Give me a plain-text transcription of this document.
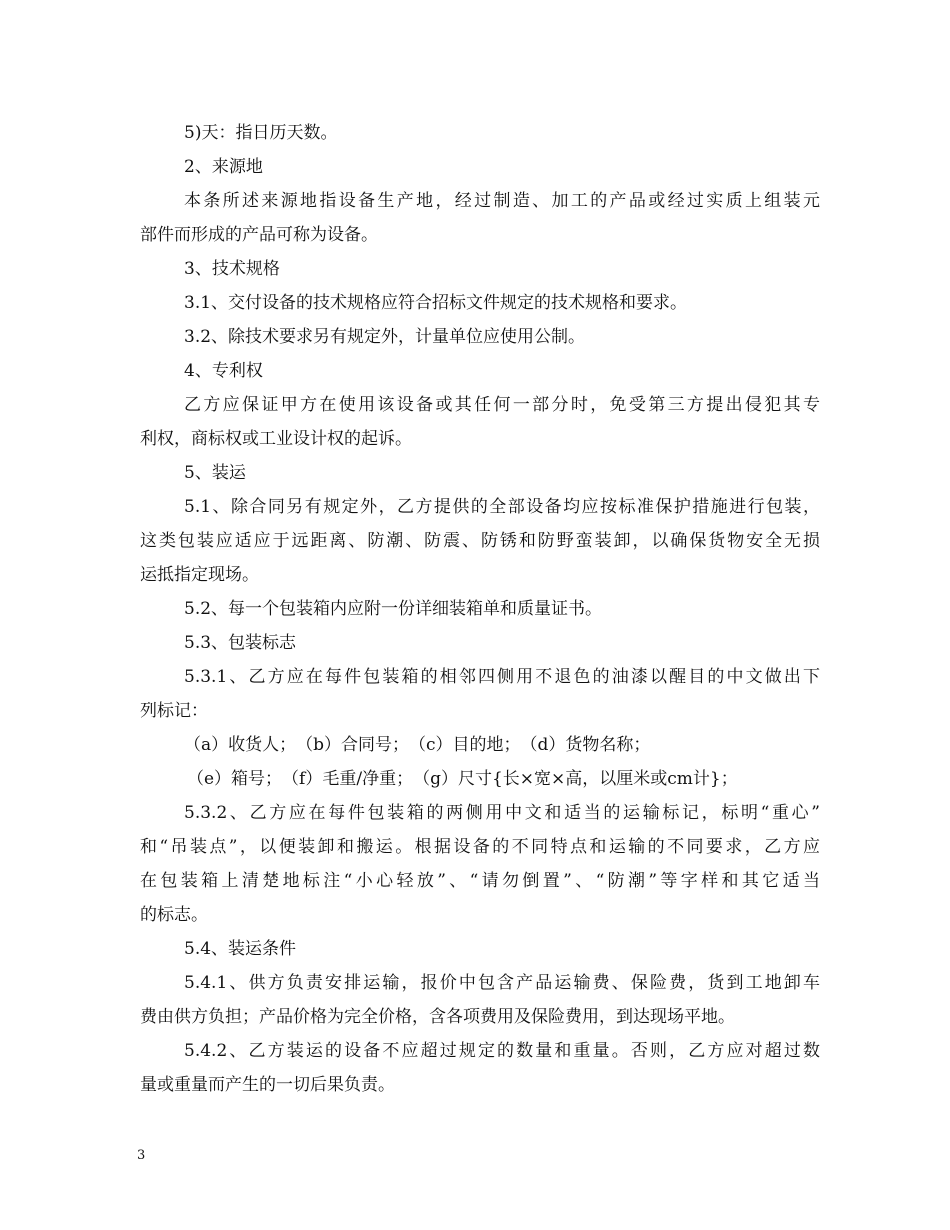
5)天：指日历天数。
2、来源地
本条所述来源地指设备生产地，经过制造、加工的产品或经过实质上组装元
部件而形成的产品可称为设备。
3、技术规格
3.1、交付设备的技术规格应符合招标文件规定的技术规格和要求。
3.2、除技术要求另有规定外，计量单位应使用公制。
4、专利权
乙方应保证甲方在使用该设备或其任何一部分时，免受第三方提出侵犯其专
利权，商标权或工业设计权的起诉。
5、装运
5.1、除合同另有规定外，乙方提供的全部设备均应按标准保护措施进行包装，
这类包装应适应于远距离、防潮、防震、防锈和防野蛮装卸，以确保货物安全无损
运抵指定现场。
5.2、每一个包装箱内应附一份详细装箱单和质量证书。
5.3、包装标志
5.3.1、乙方应在每件包装箱的相邻四侧用不退色的油漆以醒目的中文做出下
列标记：
（a）收货人；　（b）合同号；　（c）目的地；　（d）货物名称；
（e）箱号；　（f）毛重/净重；　（g）尺寸{长×宽×高，以厘米或cm计}；
5.3.2、乙方应在每件包装箱的两侧用中文和适当的运输标记，标明“重心”
和“吊装点”，以便装卸和搬运。根据设备的不同特点和运输的不同要求，乙方应
在包装箱上清楚地标注“小心轻放”、“请勿倒置”、“防潮”等字样和其它适当
的标志。
5.4、装运条件
5.4.1、供方负责安排运输，报价中包含产品运输费、保险费，货到工地卸车
费由供方负担；产品价格为完全价格，含各项费用及保险费用，到达现场平地。
5.4.2、乙方装运的设备不应超过规定的数量和重量。否则，乙方应对超过数
量或重量而产生的一切后果负责。
3
